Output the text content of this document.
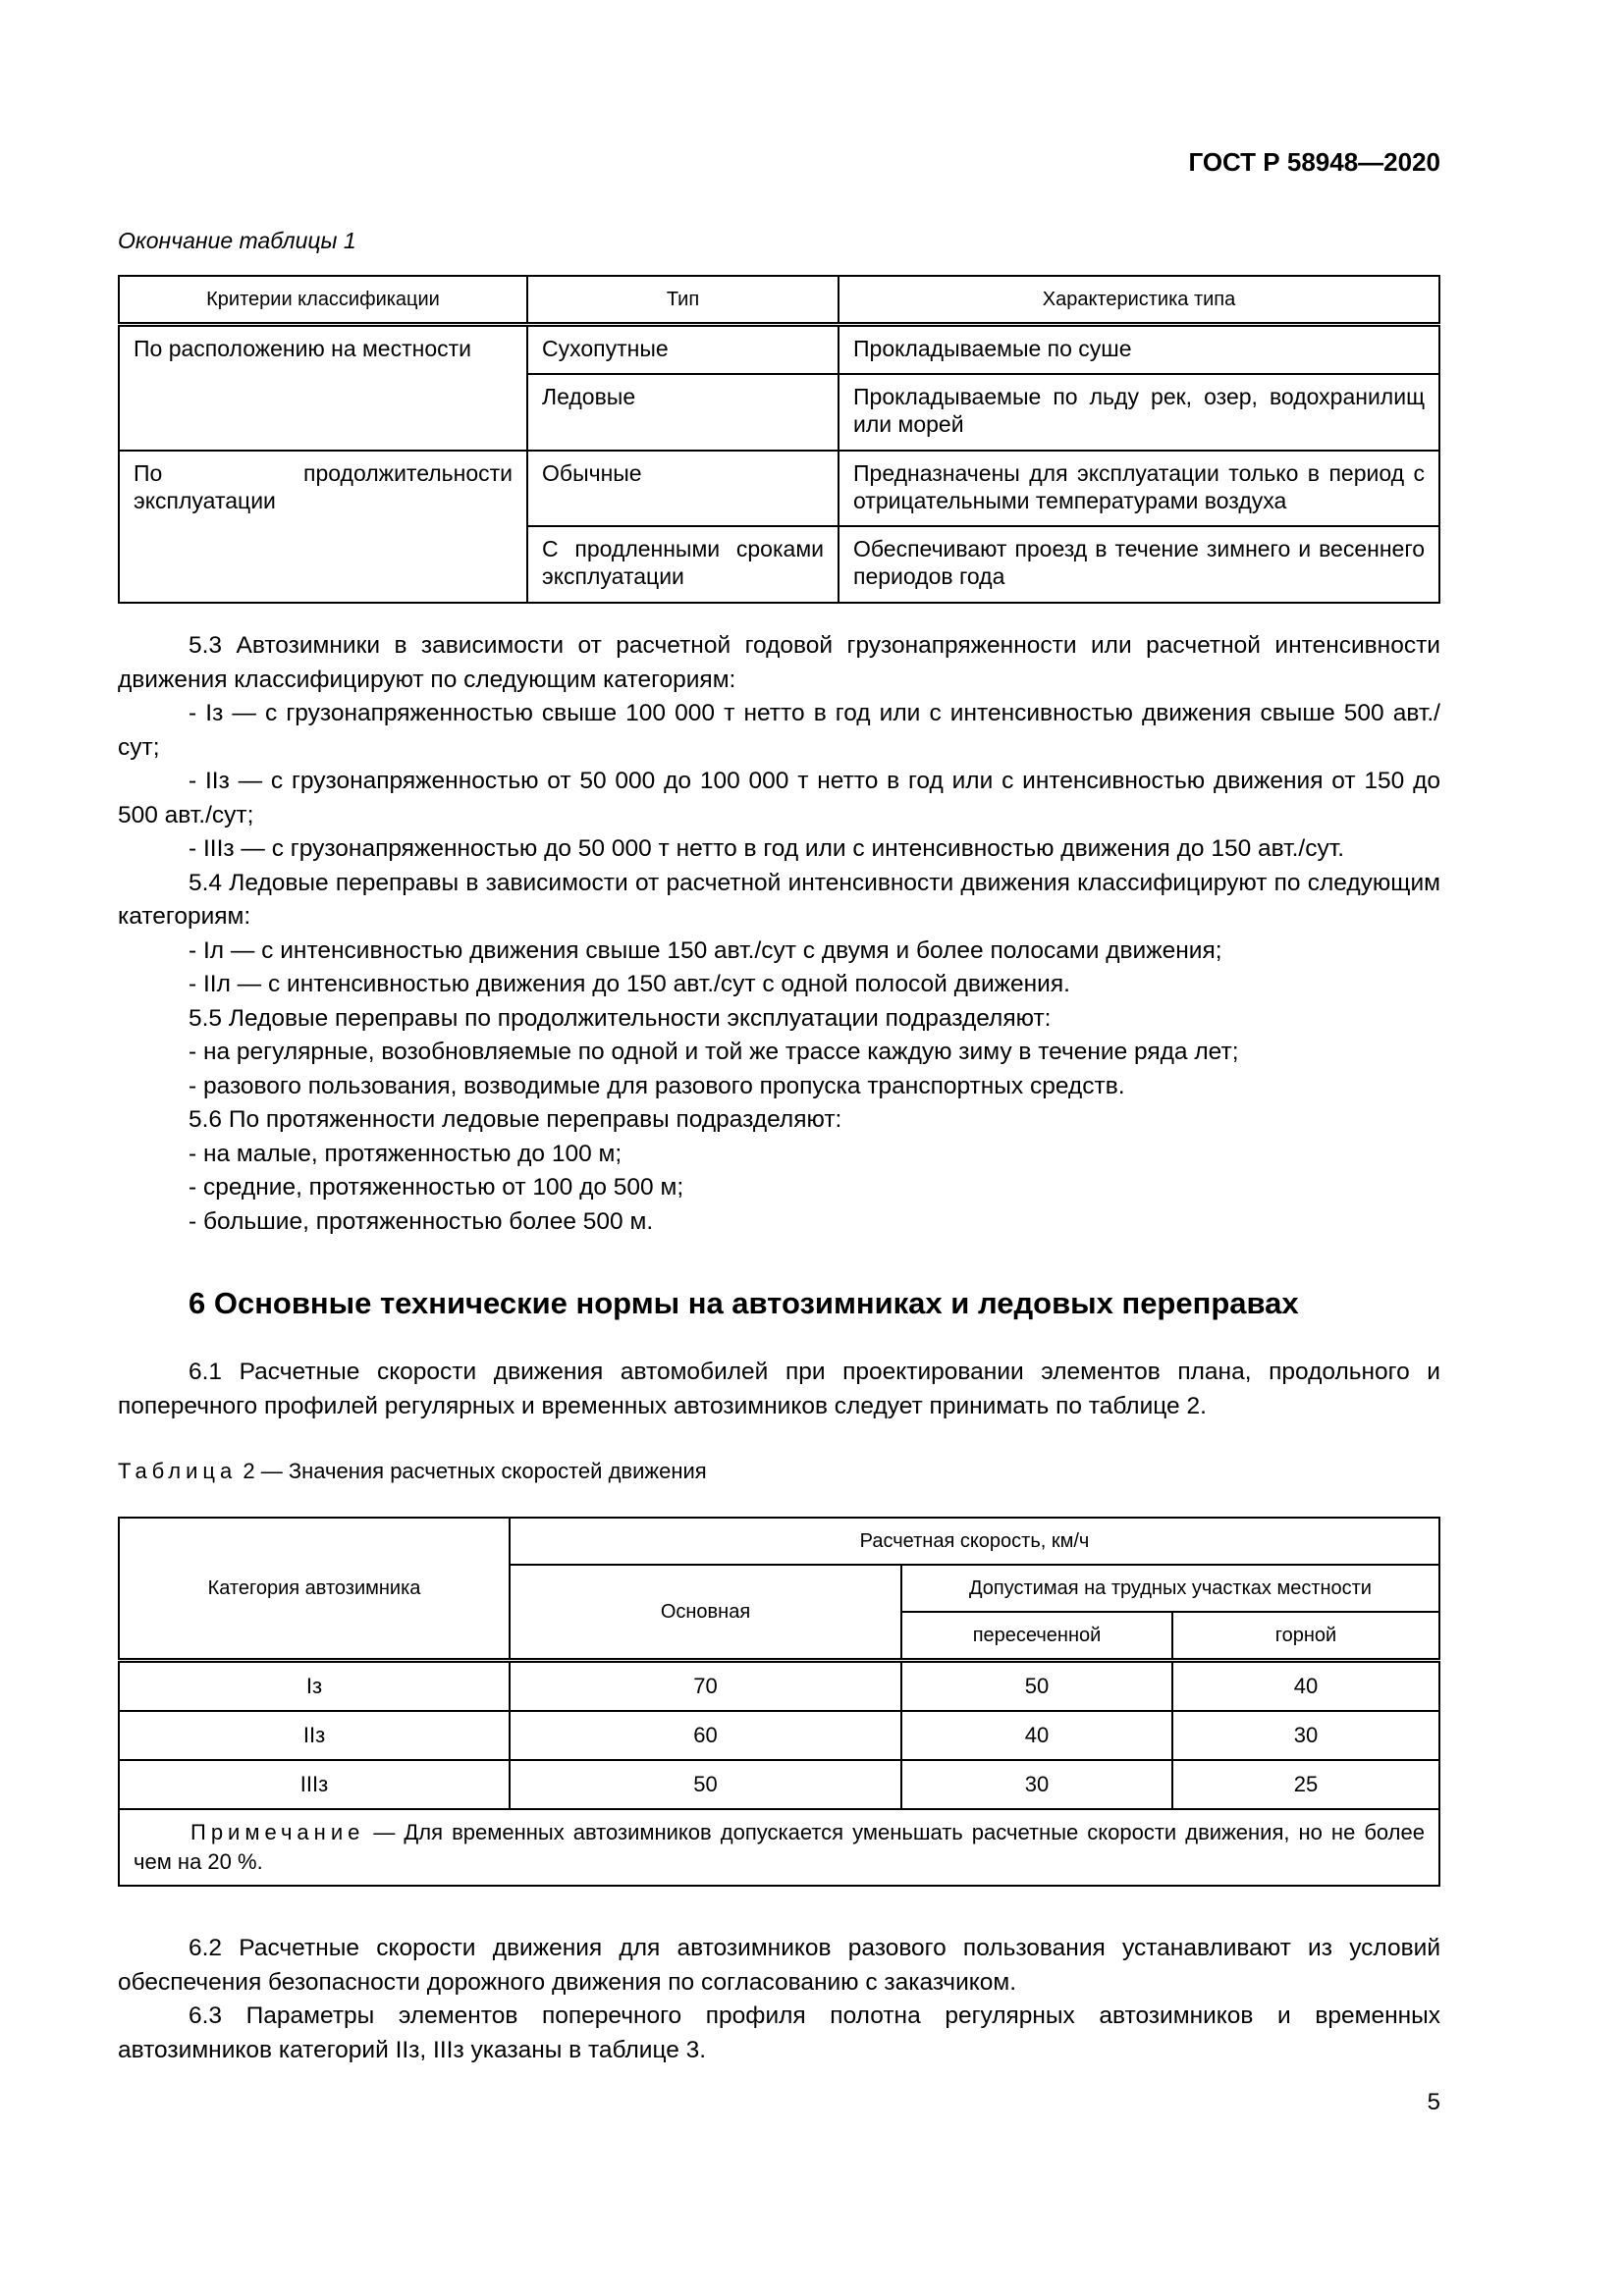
ГОСТ Р 58948—2020
Окончание таблицы 1
Критерии классификации	Тип	Характеристика типа
По расположению на местности	Сухопутные	Прокладываемые по суше
	Ледовые	Прокладываемые по льду рек, озер, водохранилищ или морей
По продолжительности эксплуатации	Обычные	Предназначены для эксплуатации только в период с отрицательными температурами воздуха
	С продленными сроками эксплуатации	Обеспечивают проезд в течение зимнего и весеннего периодов года

5.3 Автозимники в зависимости от расчетной годовой грузонапряженности или расчетной интенсивности движения классифицируют по следующим категориям:

- Iз — с грузонапряженностью свыше 100 000 т нетто в год или с интенсивностью движения свыше 500 авт./сут;

- IIз — с грузонапряженностью от 50 000 до 100 000 т нетто в год или с интенсивностью движения от 150 до 500 авт./сут;

- IIIз — с грузонапряженностью до 50 000 т нетто в год или с интенсивностью движения до 150 авт./сут.

5.4 Ледовые переправы в зависимости от расчетной интенсивности движения классифицируют по следующим категориям:

- Iл — с интенсивностью движения свыше 150 авт./сут с двумя и более полосами движения;

- IIл — с интенсивностью движения до 150 авт./сут с одной полосой движения.

5.5 Ледовые переправы по продолжительности эксплуатации подразделяют:

- на регулярные, возобновляемые по одной и той же трассе каждую зиму в течение ряда лет;

- разового пользования, возводимые для разового пропуска транспортных средств.

5.6 По протяженности ледовые переправы подразделяют:

- на малые, протяженностью до 100 м;

- средние, протяженностью от 100 до 500 м;

- большие, протяженностью более 500 м.

6 Основные технические нормы на автозимниках и ледовых переправах

6.1 Расчетные скорости движения автомобилей при проектировании элементов плана, продольного и поперечного профилей регулярных и временных автозимников следует принимать по таблице 2.

Таблица 2 — Значения расчетных скоростей движения
Категория автозимника	Расчетная скорость, км/ч		
	Основная	Допустимая на трудных участках местности	
		пересеченной	горной
Iз	70	50	40
IIз	60	40	30
IIIз	50	30	25
Примечание — Для временных автозимников допускается уменьшать расчетные скорости движения, но не более чем на 20 %.			

6.2 Расчетные скорости движения для автозимников разового пользования устанавливают из условий обеспечения безопасности дорожного движения по согласованию с заказчиком.

6.3 Параметры элементов поперечного профиля полотна регулярных автозимников и временных автозимников категорий IIз, IIIз указаны в таблице 3.

5
